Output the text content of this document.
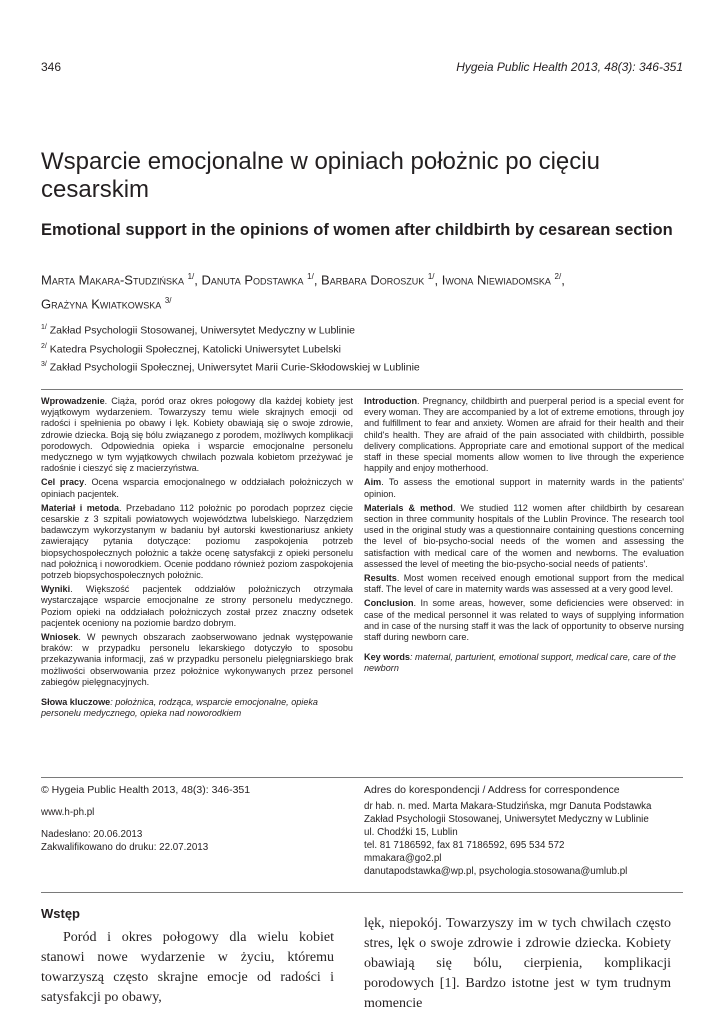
346	Hygeia Public Health 2013, 48(3): 346-351
Wsparcie emocjonalne w opiniach położnic po cięciu cesarskim
Emotional support in the opinions of women after childbirth by cesarean section
Marta Makara-Studzińska $^{1/}$, Danuta Podstawka $^{1/}$, Barbara Doroszuk $^{1/}$, Iwona Niewiadomska $^{2/}$,
Grażyna Kwiatkowska $^{3/}$
$^{1/}$ Zakład Psychologii Stosowanej, Uniwersytet Medyczny w Lublinie
$^{2/}$ Katedra Psychologii Społecznej, Katolicki Uniwersytet Lubelski
$^{3/}$ Zakład Psychologii Społecznej, Uniwersytet Marii Curie-Skłodowskiej w Lublinie

Wprowadzenie. Ciąża, poród oraz okres połogowy dla każdej kobiety jest wyjątkowym wydarzeniem. Towarzyszy temu wiele skrajnych emocji od radości i spełnienia po obawy i lęk. Kobiety obawiają się o swoje zdrowie, zdrowie dziecka. Boją się bólu związanego z porodem, możliwych komplikacji porodowych. Odpowiednia opieka i wsparcie emocjonalne personelu medycznego w tym wyjątkowych chwilach pozwala kobietom przeżywać je radośnie i cieszyć się z macierzyństwa.

Cel pracy. Ocena wsparcia emocjonalnego w oddziałach położniczych w opiniach pacjentek.

Materiał i metoda. Przebadano 112 położnic po porodach poprzez cięcie cesarskie z 3 szpitali powiatowych województwa lubelskiego. Narzędziem badawczym wykorzystanym w badaniu był autorski kwestionariusz ankiety zawierający pytania dotyczące: poziomu zaspokojenia potrzeb biopsychospołecznych położnic a także ocenę satysfakcji z opieki personelu nad położnicą i noworodkiem. Ocenie poddano również poziom zaspokojenia potrzeb biopsychospołecznych położnic.

Wyniki. Większość pacjentek oddziałów położniczych otrzymała wystarczające wsparcie emocjonalne ze strony personelu medycznego. Poziom opieki na oddziałach położniczych został przez znaczny odsetek pacjentek oceniony na poziomie bardzo dobrym.

Wniosek. W pewnych obszarach zaobserwowano jednak występowanie braków: w przypadku personelu lekarskiego dotyczyło to sposobu przekazywania informacji, zaś w przypadku personelu pielęgniarskiego brak możliwości obserwowania przez położnice wykonywanych przez personel zabiegów pielęgnacyjnych.

Słowa kluczowe: położnica, rodząca, wsparcie emocjonalne, opieka personelu medycznego, opieka nad noworodkiem

Introduction. Pregnancy, childbirth and puerperal period is a special event for every woman. They are accompanied by a lot of extreme emotions, through joy and fulfillment to fear and anxiety. Women are afraid for their health and their child's health. They are afraid of the pain associated with childbirth, possible delivery complications. Appropriate care and emotional support of the medical staff in these special moments allow women to live through the experience happily and enjoy motherhood.

Aim. To assess the emotional support in maternity wards in the patients' opinion.

Materials & method. We studied 112 women after childbirth by cesarean section in three community hospitals of the Lublin Province. The research tool used in the original study was a questionnaire containing questions concerning the level of bio-psycho-social needs of the women and assessing the satisfaction with medical care of the women and newborns. The evaluation assessed the level of meeting the bio-psycho-social needs of patients'.

Results. Most women received enough emotional support from the medical staff. The level of care in maternity wards was assessed at a very good level.

Conclusion. In some areas, however, some deficiencies were observed: in case of the medical personnel it was related to ways of supplying information and in case of the nursing staff it was the lack of opportunity to observe nursing staff during newborn care.

Key words: maternal, parturient, emotional support, medical care, care of the newborn

© Hygeia Public Health 2013, 48(3): 346-351
www.h-ph.pl
Nadesłano: 20.06.2013
Zakwalifikowano do druku: 22.07.2013
Adres do korespondencji / Address for correspondence
dr hab. n. med. Marta Makara-Studzińska, mgr Danuta Podstawka
Zakład Psychologii Stosowanej, Uniwersytet Medyczny w Lublinie
ul. Chodźki 15, Lublin
tel. 81 7186592, fax 81 7186592, 695 534 572
mmakara@go2.pl
danutapodstawka@wp.pl, psychologia.stosowana@umlub.pl
Wstęp
Poród i okres połogowy dla wielu kobiet stanowi nowe wydarzenie w życiu, któremu towarzyszą często skrajne emocje od radości i satysfakcji po obawy,
lęk, niepokój. Towarzyszy im w tych chwilach często stres, lęk o swoje zdrowie i zdrowie dziecka. Kobiety obawiają się bólu, cierpienia, komplikacji porodowych [1]. Bardzo istotne jest w tym trudnym momencie
